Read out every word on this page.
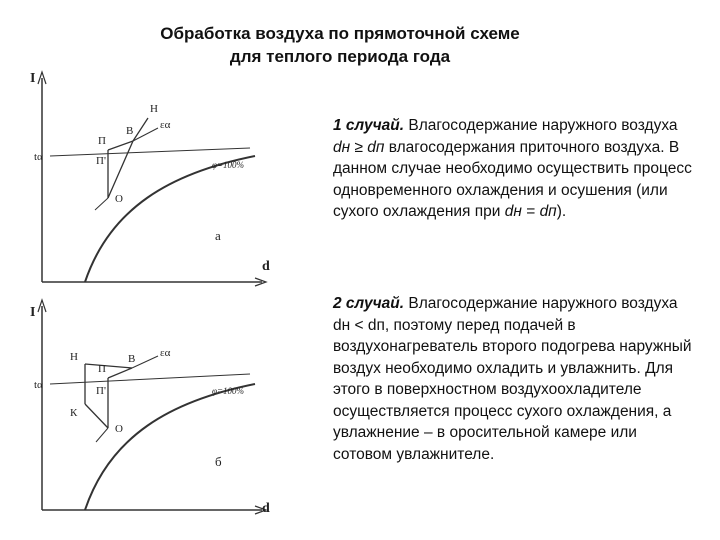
Обработка воздуха по прямоточной схеме
для теплого периода года
I
d
tα
φ=100%
εα
Н
В
П
П'
О
а
I
d
tα	φ=100%
εα
Н	В
П
П'
К
О
б
1 случай. Влагосодержание наружного воздуха dн ≥ dп влагосодержания приточного воздуха. В данном случае необходимо осуществить процесс одновременного охлаждения и осушения (или сухого охлаждения при dн = dп).
2 случай. Влагосодержание наружного воздуха dн < dп, поэтому перед подачей в воздухонагреватель второго подогрева наружный воздух необходимо охладить и увлажнить. Для этого в поверхностном воздухоохладителе осуществляется процесс сухого охлаждения, а увлажнение – в оросительной камере или сотовом увлажнителе.
